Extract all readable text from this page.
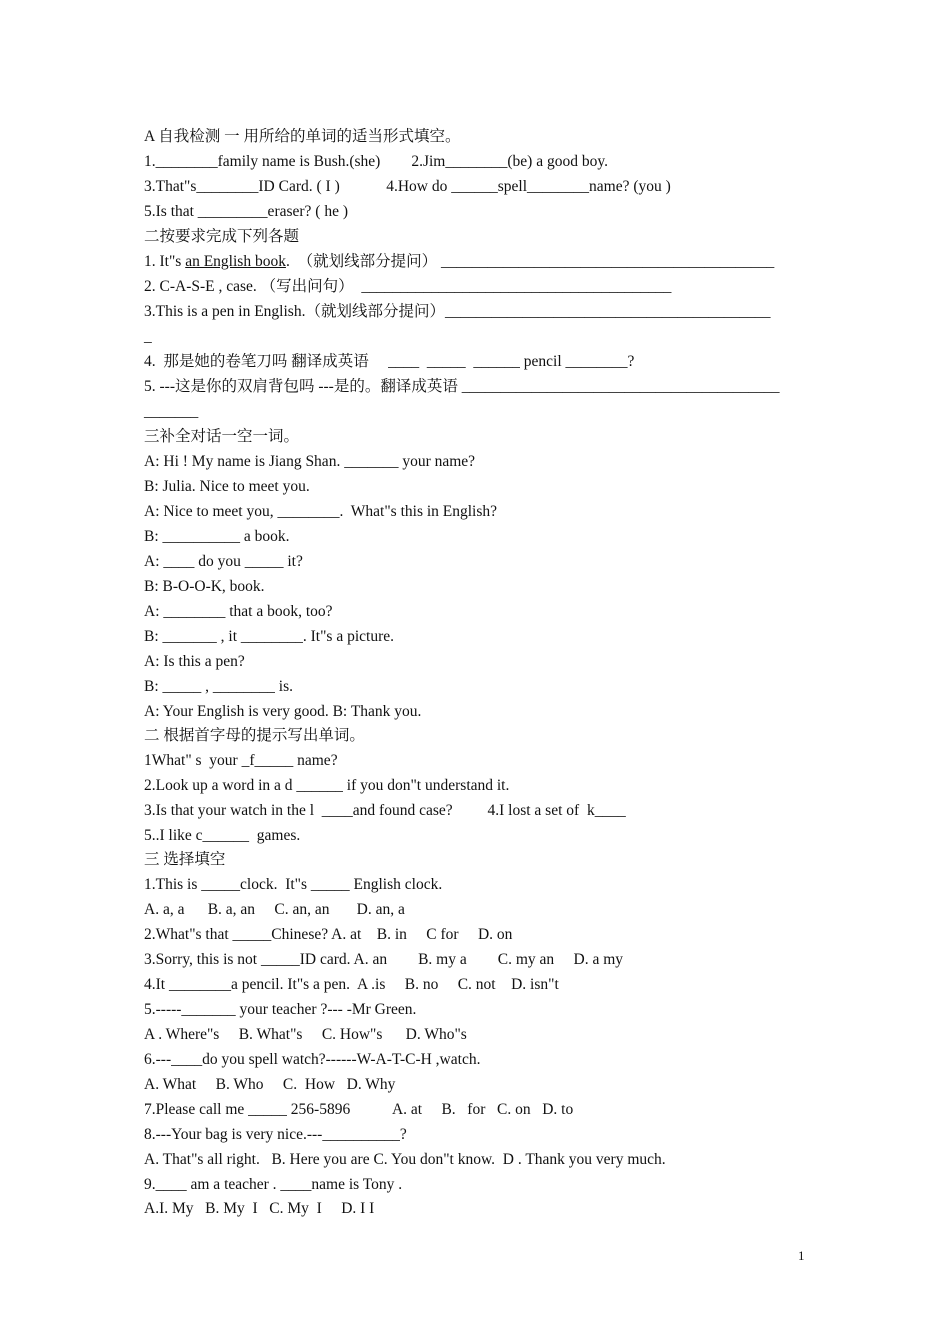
A 自我检测 一 用所给的单词的适当形式填空。
1.________family name is Bush.(she)        2.Jim________(be) a good boy.
3.That"s________ID Card. ( I )            4.How do ______spell________name? (you )
5.Is that _________eraser? ( he )
二按要求完成下列各题
1. It"s an English book.  （就划线部分提问） ___________________________________________
2. C-A-S-E , case. （写出问句）  ________________________________________
3.This is a pen in English.（就划线部分提问）__________________________________________
_
4.  那是她的卷笔刀吗 翻译成英语     ____  _____  ______ pencil ________?
5. ---这是你的双肩背包吗 ---是的。翻译成英语 _________________________________________
_______
三补全对话一空一词。
A: Hi ! My name is Jiang Shan. _______ your name?
B: Julia. Nice to meet you.
A: Nice to meet you, ________.  What"s this in English?
B: __________ a book.
A: ____ do you _____ it?
B: B-O-O-K, book.
A: ________ that a book, too?
B: _______ , it ________. It"s a picture.
A: Is this a pen?
B: _____ , ________ is.
A: Your English is very good. B: Thank you.
二 根据首字母的提示写出单词。
1What" s  your _f_____ name?
2.Look up a word in a d ______ if you don"t understand it.
3.Is that your watch in the l  ____and found case?         4.I lost a set of  k____
5..I like c______  games.
三 选择填空
1.This is _____clock.  It"s _____ English clock.
A. a, a      B. a, an     C. an, an       D. an, a
2.What"s that _____Chinese? A. at    B. in     C for     D. on
3.Sorry, this is not _____ID card. A. an        B. my a        C. my an     D. a my
4.It ________a pencil. It"s a pen.  A .is     B. no     C. not    D. isn"t
5.-----_______ your teacher ?--- -Mr Green.
A . Where"s     B. What"s     C. How"s      D. Who"s
6.---____do you spell watch?------W-A-T-C-H ,watch.
A. What     B. Who     C.  How   D. Why
7.Please call me _____ 256-5896           A. at     B.   for   C. on   D. to
8.---Your bag is very nice.---__________?
A. That"s all right.   B. Here you are C. You don"t know.  D . Thank you very much.
9.____ am a teacher . ____name is Tony .
A.I. My   B. My  I   C. My  I     D. I I
1
